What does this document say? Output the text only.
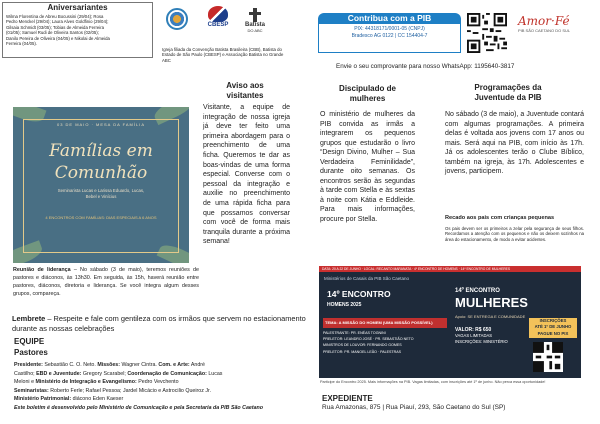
Aniversariantes
Wilma Florentina de Abreu Bocussini (29/04); Rosa
Pedro Menckel (29/04); Laura Alves Goldfinio (29/04);
Gilsaia Schmidt (03/05); Tobias de Almeida Ferreira
(01/05); Samuel Rudi de Oliveira Santos (02/05);
Danilo Pereira de Oliveira (04/05) e Nikolai de Almeida
Ferreira (04/05).
CBESP	Batista
DO ABC
Igreja filiada da Convenção Batista Brasileira (CBB), Batista do Estado de São Paulo (CBESP) e Associação Batista no Grande ABC
Contribua com a PIB
PIX: 44318171/0001-05 (CNPJ)
Bradesco AG 0122 | CC 154404-7
Amor·Fé
PIB SÃO CAETANO DO SUL
Envie o seu comprovante para nosso WhatsApp: 1195640-3817
03 DE MAIO · MESA DA FAMÍLIA
Famílias em
Comunhão
Seminarista Lucas e Larissa Eduardo, Lucas,
Bebel e Vinícius
4 ENCONTROS COM FAMÍLIAS: DIAS ESPECIAIS A 6 ANOS
Aviso aos
visitantes
Visitante, a equipe de integração de nossa igreja já deve ter feito uma primeira abordagem para o preenchimento de uma ficha. Queremos te dar as boas-vindas de uma forma especial. Converse com o pessoal da integração e auxilie no preenchimento de uma rápida ficha para que possamos conversar com você de forma mais tranquila durante a próxima semana!
Reunião de liderança – No sábado (3 de maio), teremos reuniões de pastores e diáconos, às 13h30. Em seguida, às 15h, haverá reunião entre pastores, diáconos, diretoria e liderança. Se você integra algum desses grupos, compareça.
Lembrete – Respeite e fale com gentileza com os irmãos que servem no estacionamento durante as nossas celebrações
EQUIPE
Pastores
Presidente: Sebastião C. O. Neto. Missões: Wagner Cintra. Com. e Arte: André
Castilho; EBD e Juventude: Gregory Scarabel; Coordenação de Comunicação: Lucas
Meloni e Ministério de Integração e Evangelismo: Pedro Vevchento
Seminaristas: Roberto Ferle; Rafael Pessoa; Jardel Micácio e Astrocilio Queiroz Jr.
Ministério Patrimonial: diácono Eden Kaeser
Este boletim é desenvolvido pelo Ministério de Comunicação e pela Secretaria da PIB São Caetano
Discipulado de
mulheres
O ministério de mulheres da PIB convida as irmãs a integrarem os pequenos grupos que estudarão o livro “Design Divino, Mulher – Sua Verdadeira Feminilidade”, durante oito semanas. Os encontros serão às segundas à tarde com Stella e às sextas à noite com Kátia e Eddleide. Para mais informações, procure por Stella.
Programações da
Juventude da PIB
No sábado (3 de maio), a Juventude contará com algumas programações. A primeira delas é voltada aos jovens com 17 anos ou mais. Será aqui na PIB, com início às 17h. Já os adolescentes terão o Clube Bíblico, também na igreja, às 17h. Adolescentes e jovens, participem.
Recado aos pais com crianças pequenas
Os pais devem ser os primeiros a zelar pela segurança de seus filhos. Recordamos a atenção com os pequenos e não os deixem sozinhos na área do estacionamento, de modo a evitar acidentes.
DATA: 20 A 22 DE JUNHO · LOCAL: RECANTO MARANATA · 4º ENCONTRO DE HOMENS · 14º ENCONTRO DE MULHERES
Ministérios de Casais da PIB São Caetano
14º ENCONTRO
HOMENS 2025
14º ENCONTRO
MULHERES
Apoio: SE ENTREGA E COMUNIDADE
TEMA: A MISSÃO DO HOMEM (UMA MISSÃO POSSÍVEL)
PALESTRANTE: PR. ENÉAS TOGNINI
PRELETOR: LEANDRO JOSÉ · PR. SEBASTIÃO NETO
MINISTROS DE LOUVOR: FERNANDO GOMES
PRELETOR: PR. MANOEL LEÃO · PALESTRAS
VALOR: R$ 650
VAGAS LIMITADAS
INSCRIÇÕES: MINISTÉRIO
INSCRIÇÕES
ATÉ 1º DE JUNHO
PAGUE NO PIX
Participe do Encontro 2025. Mais informações na PIB. Vagas limitadas, com inscrições até 1º de junho. Não perca essa oportunidade!
EXPEDIENTE
Rua Amazonas, 875 | Rua Piauí, 293, São Caetano do Sul (SP)
